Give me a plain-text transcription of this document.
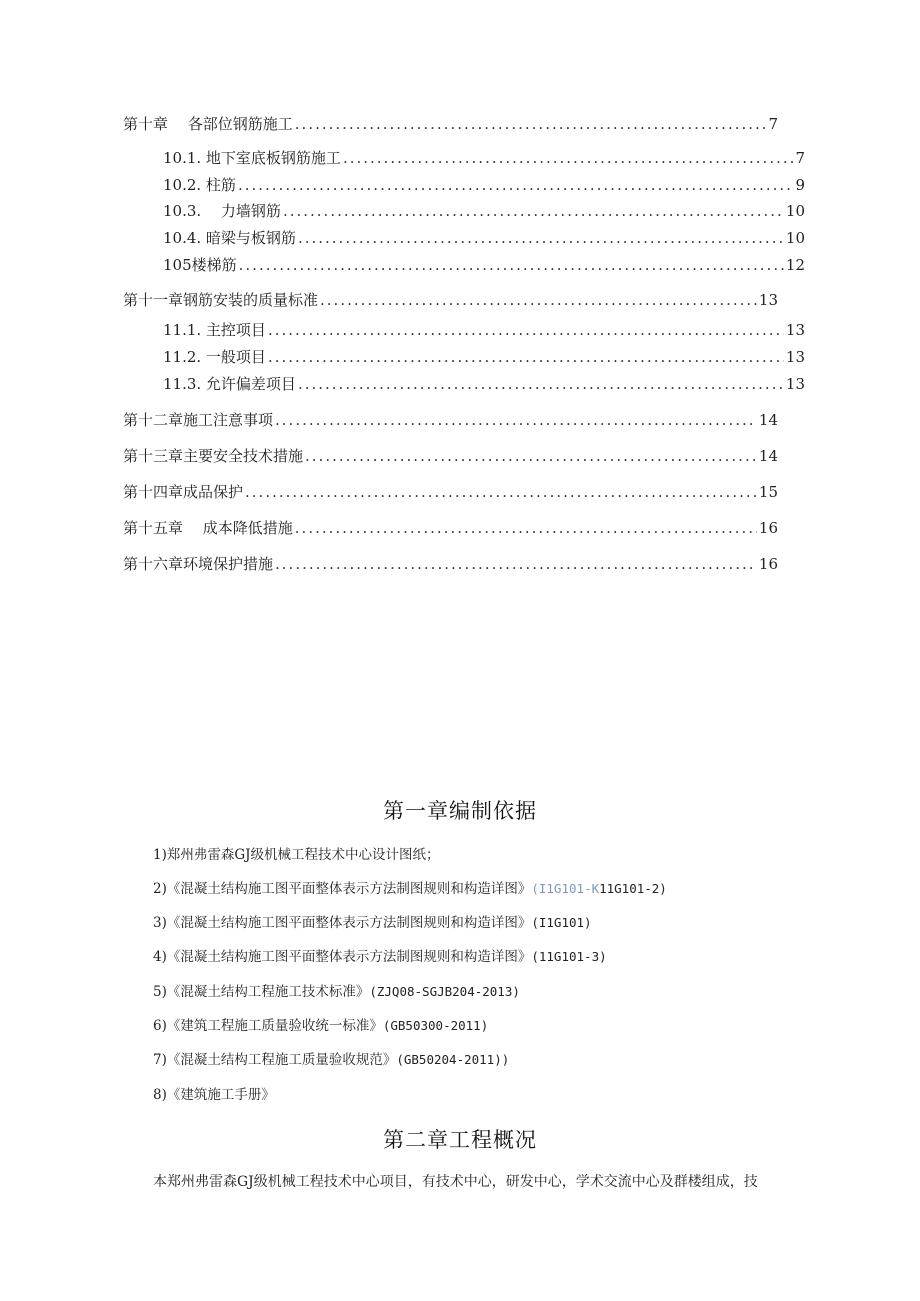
第十章　 各部位钢筋施工 .....	7
10.1. 地下室底板钢筋施工 .....	7
10.2. 柱筋 .....	9
10.3.　 力墙钢筋 .....	10
10.4. 暗梁与板钢筋 .....	10
105楼梯筋 .....	12
第十一章钢筋安装的质量标准 .....	13
11.1. 主控项目 .....	13
11.2. 一般项目 .....	13
11.3. 允许偏差项目 .....	13
第十二章施工注意事项 .....	14
第十三章主要安全技术措施 .....	14
第十四章成品保护 .....	15
第十五章　 成本降低措施 .....	16
第十六章环境保护措施 .....	16
第一章编制依据
1)郑州弗雷森GJ级机械工程技术中心设计图纸；
2)《混凝土结构施工图平面整体表示方法制图规则和构造详图》(I1G101-K11G101-2)
3)《混凝土结构施工图平面整体表示方法制图规则和构造详图》(I1G101)
4)《混凝土结构施工图平面整体表示方法制图规则和构造详图》(11G101-3)
5)《混凝土结构工程施工技术标准》(ZJQ08-SGJB204-2013)
6)《建筑工程施工质量验收统一标准》(GB50300-2011)
7)《混凝土结构工程施工质量验收规范》(GB50204-2011))
8)《建筑施工手册》
第二章工程概况
本郑州弗雷森GJ级机械工程技术中心项目，有技术中心，研发中心，学术交流中心及群楼组成，技
